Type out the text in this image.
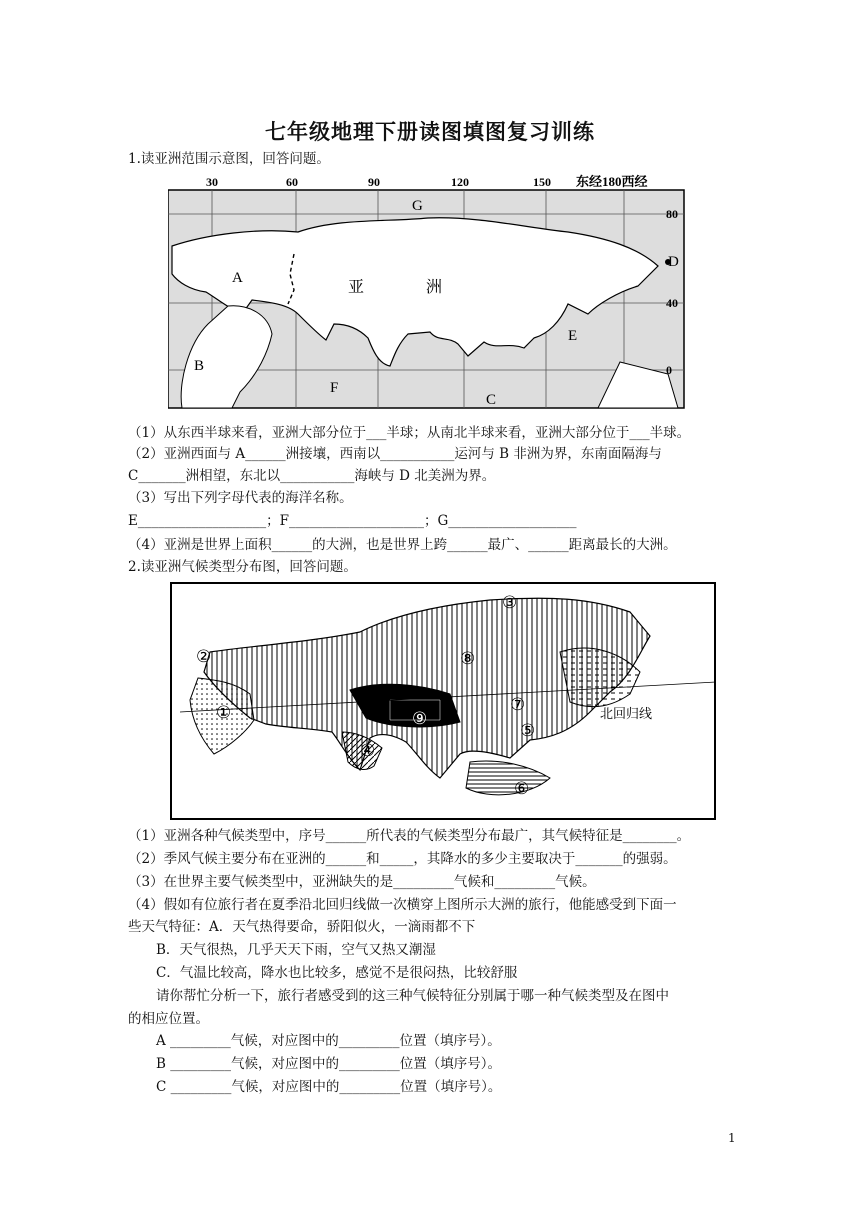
七年级地理下册读图填图复习训练
1.读亚洲范围示意图，回答问题。
30	60	90	120	150 东经180西经
80
40
0
A
B
C
D
E
F
G
亚	洲
（1）从东西半球来看，亚洲大部分位于___半球；从南北半球来看，亚洲大部分位于___半球。
（2）亚洲西面与 A______洲接壤，西南以___________运河与 B 非洲为界，东南面隔海与
C_______洲相望，东北以___________海峡与 D 北美洲为界。
（3）写出下列字母代表的海洋名称。
E___________________；F____________________；G___________________
（4）亚洲是世界上面积______的大洲，也是世界上跨______最广、______距离最长的大洲。
2.读亚洲气候类型分布图，回答问题。
①
②
③
④
⑤
⑥
⑦
⑧
⑨	北回归线
（1）亚洲各种气候类型中，序号______所代表的气候类型分布最广，其气候特征是________。
（2）季风气候主要分布在亚洲的______和_____，其降水的多少主要取决于_______的强弱。
（3）在世界主要气候类型中，亚洲缺失的是_________气候和_________气候。
（4）假如有位旅行者在夏季沿北回归线做一次横穿上图所示大洲的旅行，他能感受到下面一
些天气特征：A．天气热得要命，骄阳似火，一滴雨都不下
B．天气很热，几乎天天下雨，空气又热又潮湿
C．气温比较高，降水也比较多，感觉不是很闷热，比较舒服
请你帮忙分析一下，旅行者感受到的这三种气候特征分别属于哪一种气候类型及在图中
的相应位置。
A _________气候，对应图中的_________位置（填序号）。
B _________气候，对应图中的_________位置（填序号）。
C _________气候，对应图中的_________位置（填序号）。
1
